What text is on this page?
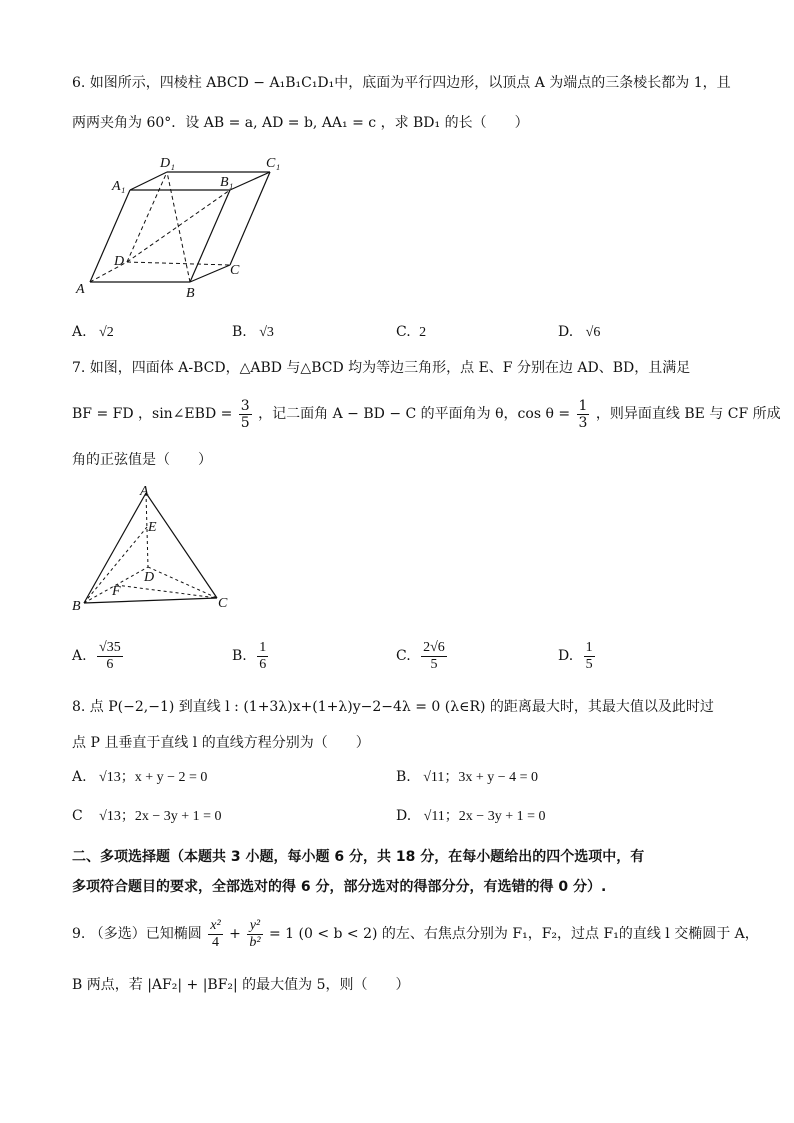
6. 如图所示，四棱柱 ABCD − A₁B₁C₁D₁中，底面为平行四边形，以顶点 A 为端点的三条棱长都为 1，且
两两夹角为 60°．设 AB = a, AD = b, AA₁ = c ，求 BD₁ 的长（　　）
D₁	C₁
A₁	B₁
D
C
A	B
A. √2	B. √3	C. 2	D. √6
7. 如图，四面体 A-BCD，△ABD 与△BCD 均为等边三角形，点 E、F 分别在边 AD、BD，且满足
BF = FD ，sin∠EBD = $\frac{3}{5}$ ，记二面角 A − BD − C 的平面角为 θ，$\cos \theta = \frac{1}{3}$ ，则异面直线 BE 与 CF 所成
角的正弦值是（　　）
A
E
D
F
B	C
A. $\frac{√35}{6}$	B. $\frac{1}{6}$	C. $\frac{2√6}{5}$	D. $\frac{1}{5}$
8. 点 P(−2,−1) 到直线 l : (1+3λ)x+(1+λ)y−2−4λ = 0 (λ∈R) 的距离最大时，其最大值以及此时过
点 P 且垂直于直线 l 的直线方程分别为（　　）
A. √13；x + y − 2 = 0	B. √11；3x + y − 4 = 0
C √13；2x − 3y + 1 = 0	D. √11；2x − 3y + 1 = 0
二、多项选择题（本题共 3 小题，每小题 6 分，共 18 分，在每小题给出的四个选项中，有
多项符合题目的要求，全部选对的得 6 分，部分选对的得部分分，有选错的得 0 分）.
9. （多选）已知椭圆 $\frac{\text{x²}}{4} + \frac{\text{y²}}{\text{b²}} = 1$ (0 < b < 2) 的左、右焦点分别为 F₁，F₂，过点 F₁的直线 l 交椭圆于 A，
B 两点，若 |AF₂| + |BF₂| 的最大值为 5，则（　　）
